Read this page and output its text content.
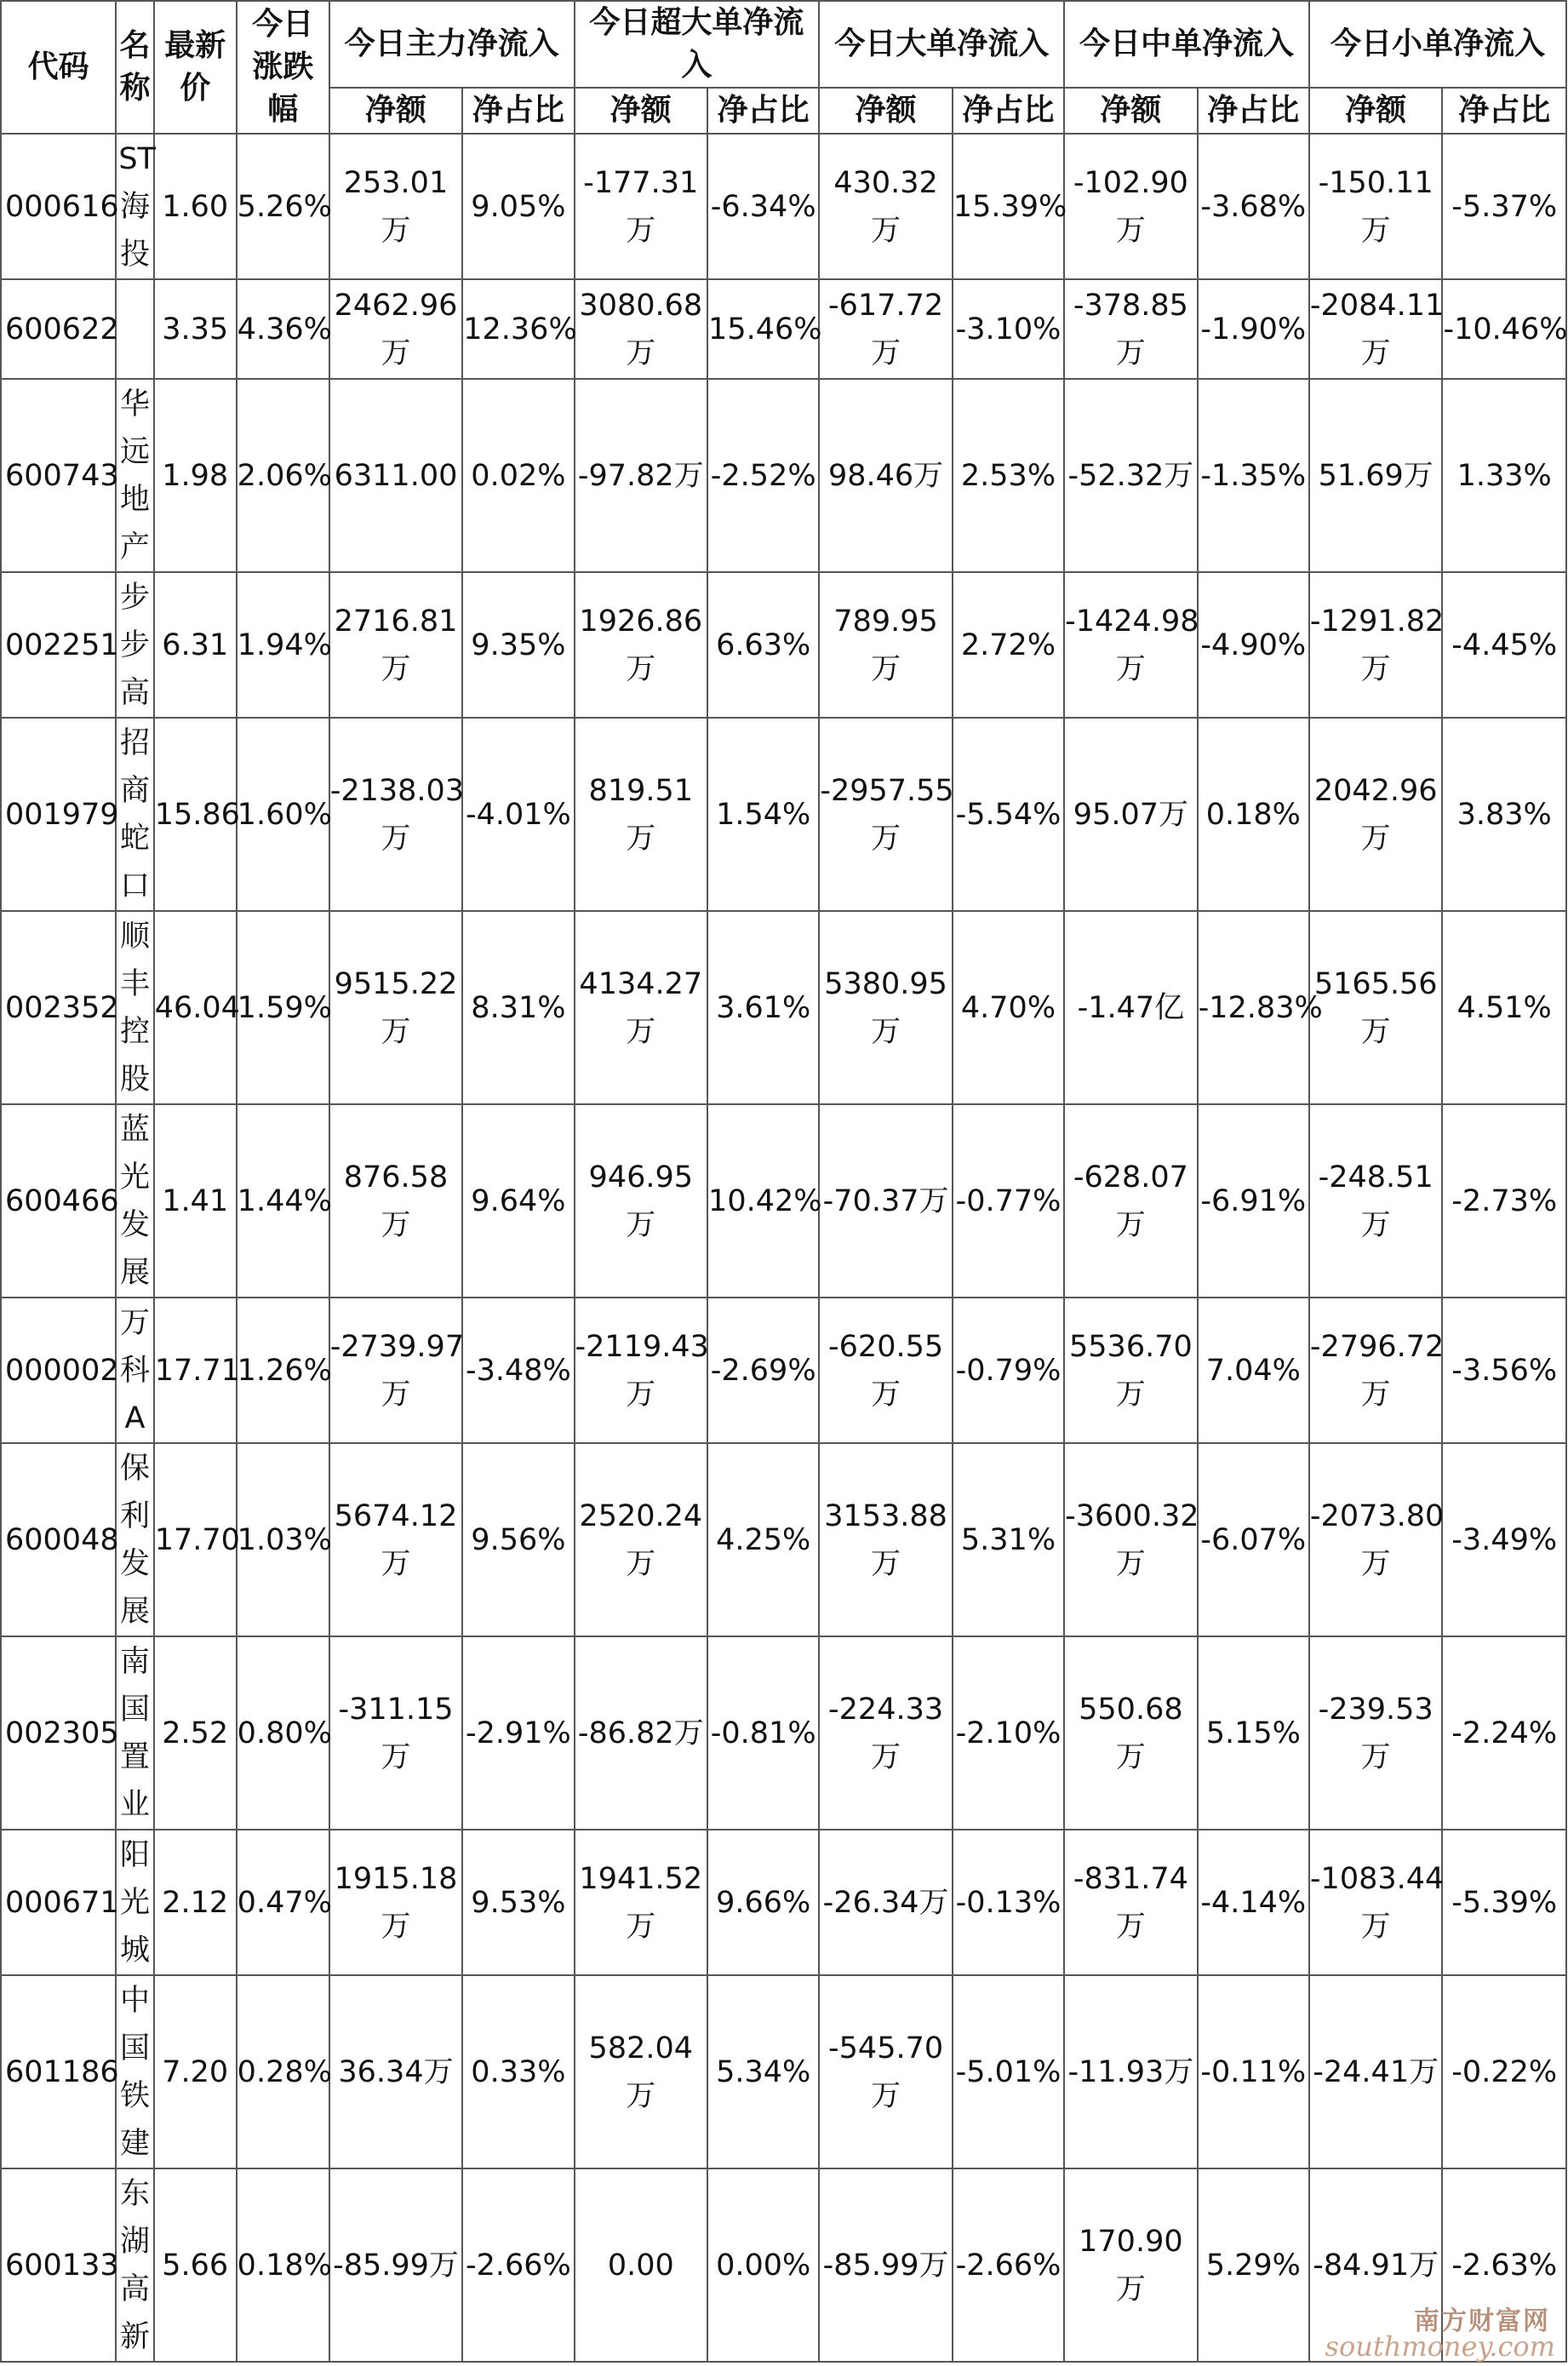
代码	名称	最新价	今日涨跌幅	今日主力净流入		今日超大单净流入		今日大单净流入		今日中单净流入		今日小单净流入	
				净额	净占比	净额	净占比	净额	净占比	净额	净占比	净额	净占比
000616	ST海投	1.60	5.26%	253.01万	9.05%	-177.31万	-6.34%	430.32万	15.39%	-102.90万	-3.68%	-150.11万	-5.37%
600622		3.35	4.36%	2462.96万	12.36%	3080.68万	15.46%	-617.72万	-3.10%	-378.85万	-1.90%	-2084.11万	-10.46%
600743	华远地产	1.98	2.06%	6311.00	0.02%	-97.82万	-2.52%	98.46万	2.53%	-52.32万	-1.35%	51.69万	1.33%
002251	步步高	6.31	1.94%	2716.81万	9.35%	1926.86万	6.63%	789.95万	2.72%	-1424.98万	-4.90%	-1291.82万	-4.45%
001979	招商蛇口	15.86	1.60%	-2138.03万	-4.01%	819.51万	1.54%	-2957.55万	-5.54%	95.07万	0.18%	2042.96万	3.83%
002352	顺丰控股	46.04	1.59%	9515.22万	8.31%	4134.27万	3.61%	5380.95万	4.70%	-1.47亿	-12.83%	5165.56万	4.51%
600466	蓝光发展	1.41	1.44%	876.58万	9.64%	946.95万	10.42%	-70.37万	-0.77%	-628.07万	-6.91%	-248.51万	-2.73%
000002	万科A	17.71	1.26%	-2739.97万	-3.48%	-2119.43万	-2.69%	-620.55万	-0.79%	5536.70万	7.04%	-2796.72万	-3.56%
600048	保利发展	17.70	1.03%	5674.12万	9.56%	2520.24万	4.25%	3153.88万	5.31%	-3600.32万	-6.07%	-2073.80万	-3.49%
002305	南国置业	2.52	0.80%	-311.15万	-2.91%	-86.82万	-0.81%	-224.33万	-2.10%	550.68万	5.15%	-239.53万	-2.24%
000671	阳光城	2.12	0.47%	1915.18万	9.53%	1941.52万	9.66%	-26.34万	-0.13%	-831.74万	-4.14%	-1083.44万	-5.39%
601186	中国铁建	7.20	0.28%	36.34万	0.33%	582.04万	5.34%	-545.70万	-5.01%	-11.93万	-0.11%	-24.41万	-0.22%
600133	东湖高新	5.66	0.18%	-85.99万	-2.66%	0.00	0.00%	-85.99万	-2.66%	170.90万	5.29%	-84.91万	-2.63%
南方财富网
southmoney.com
